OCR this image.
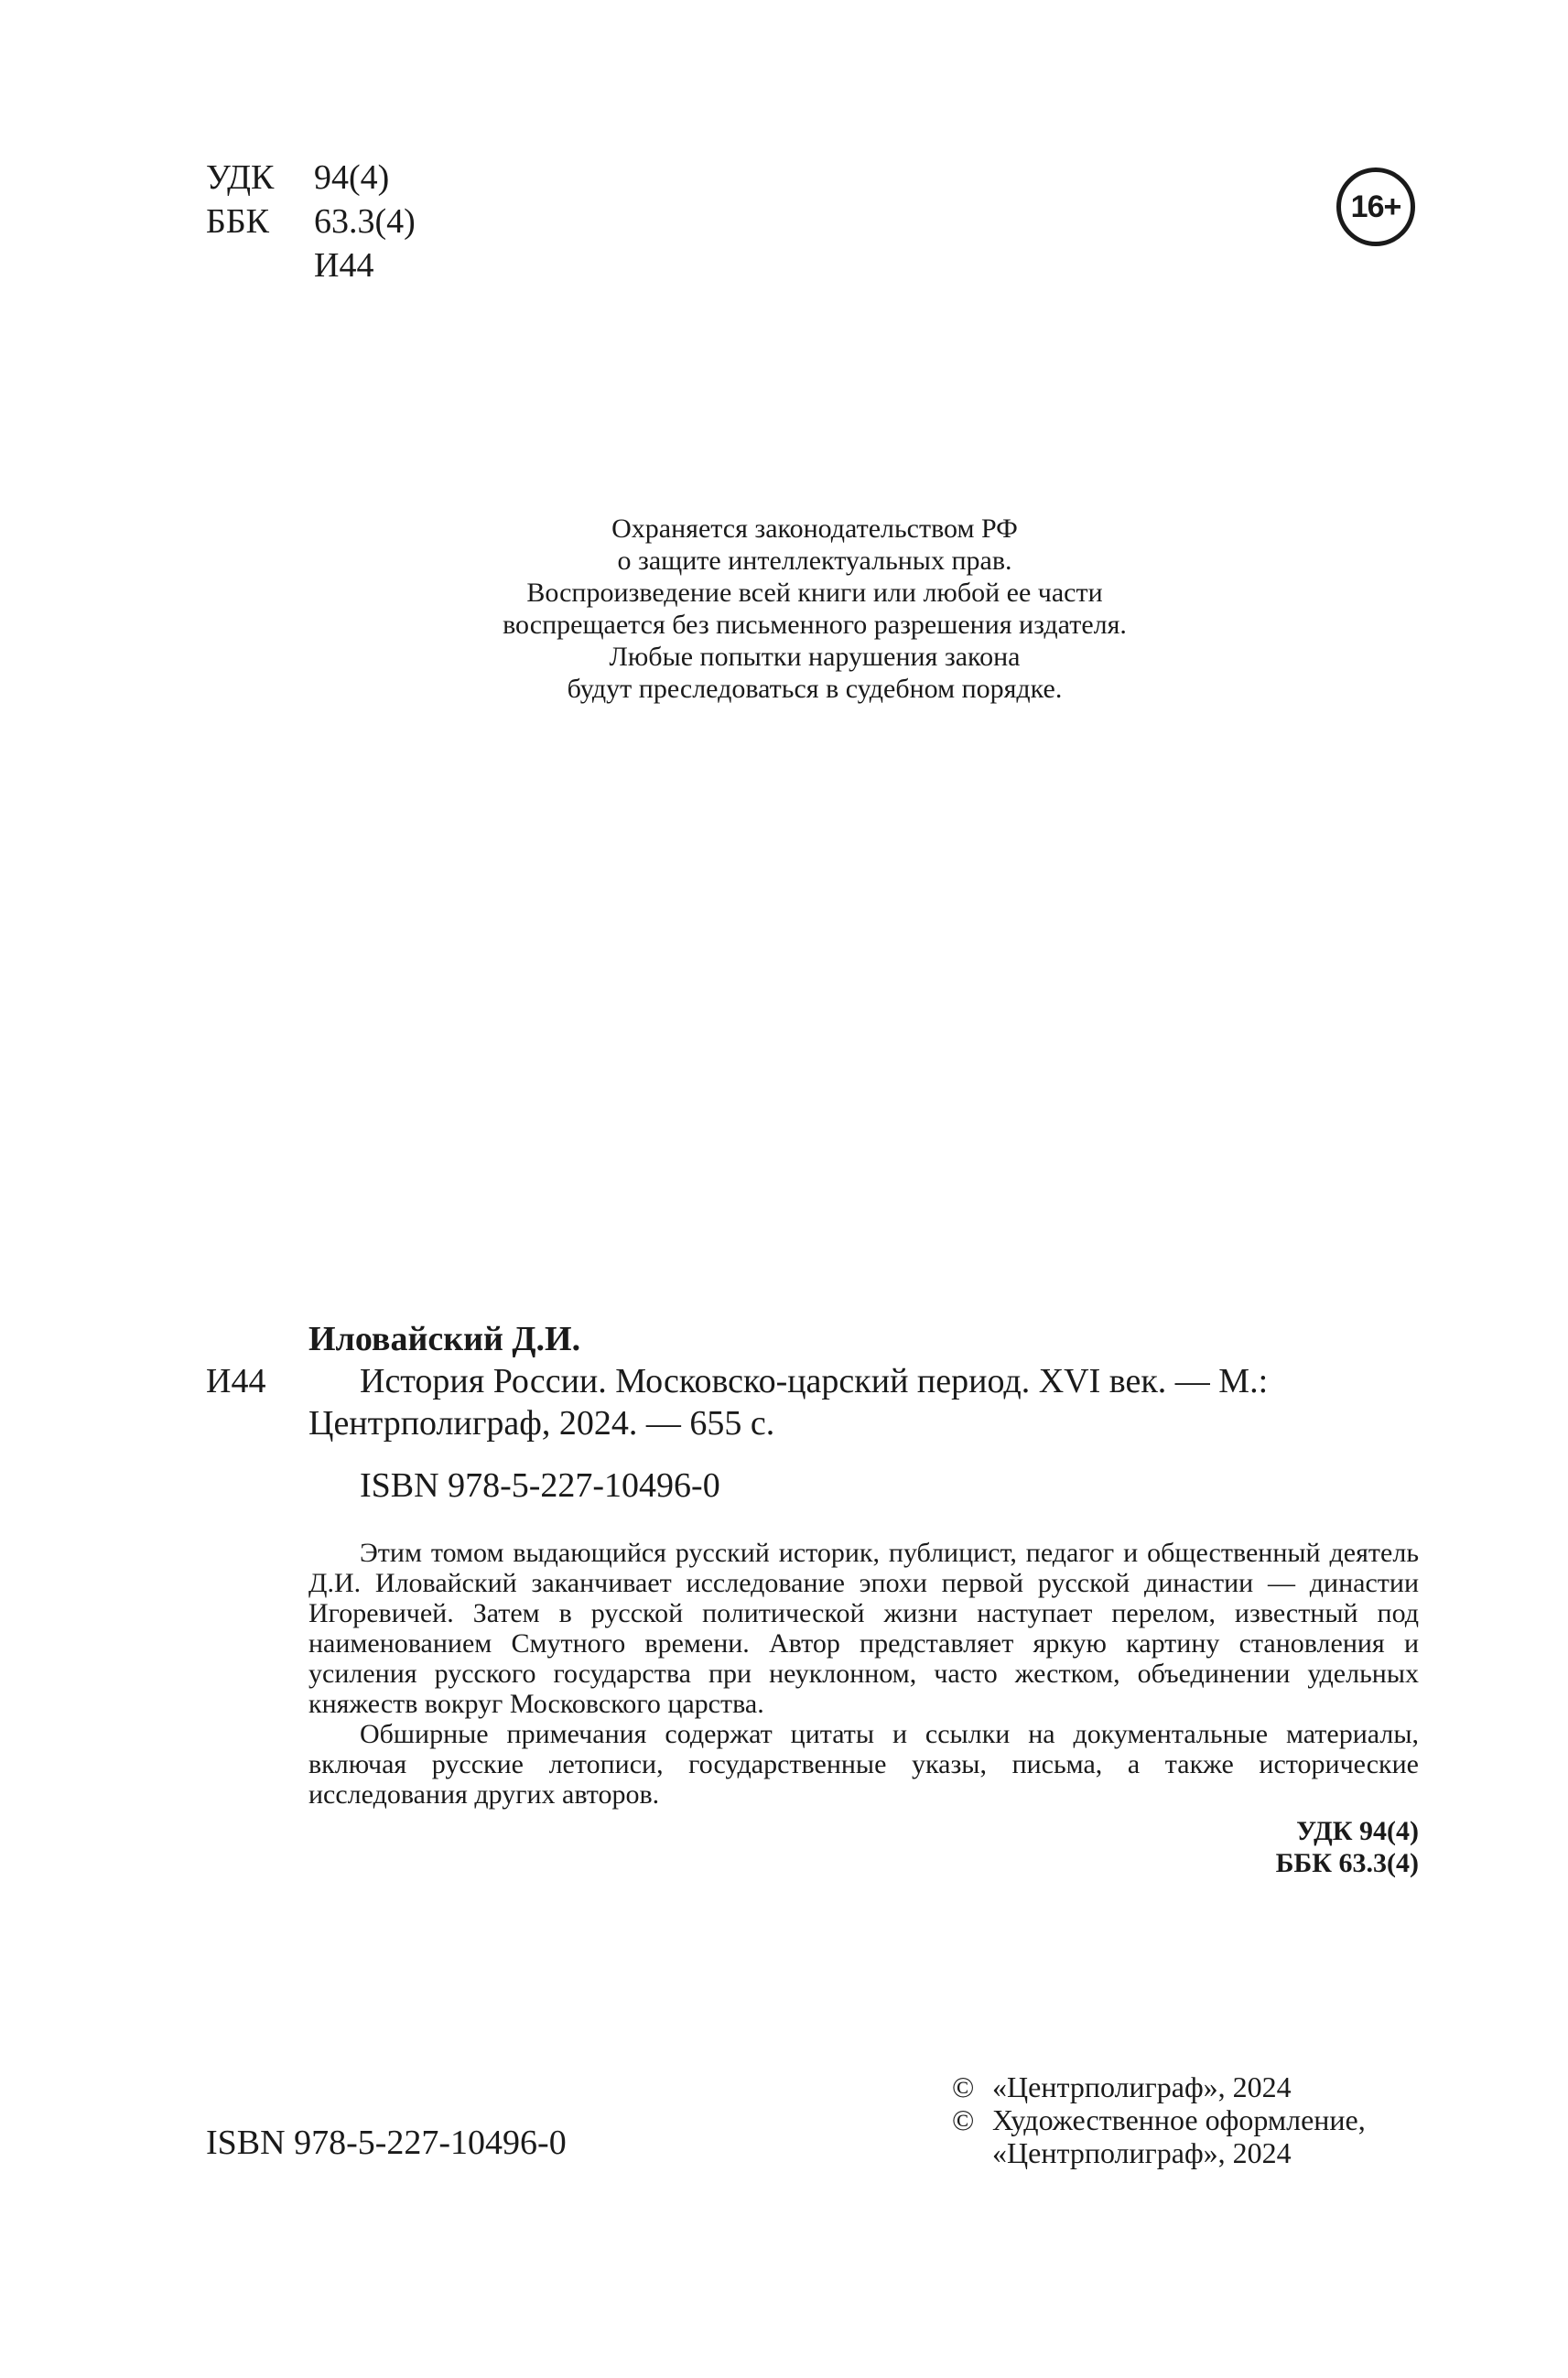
УДК	94(4)
ББК	63.3(4)
И44
16+
Охраняется законодательством РФ
о защите интеллектуальных прав.
Воспроизведение всей книги или любой ее части
воспрещается без письменного разрешения издателя.
Любые попытки нарушения закона
будут преследоваться в судебном порядке.
Иловайский Д.И.
И44	История России. Московско-царский период. XVI век. — М.:
Центрполиграф, 2024. — 655 с.
ISBN 978-5-227-10496-0

Этим томом выдающийся русский историк, публицист, педагог и общественный деятель Д.И. Иловайский заканчивает исследование эпохи первой русской династии — династии Игоревичей. Затем в русской политической жизни наступает перелом, известный под наименованием Смутного времени. Автор представляет яркую картину становления и усиления русского государства при неуклонном, часто жестком, объединении удельных княжеств вокруг Московского царства.

Обширные примечания содержат цитаты и ссылки на документальные материалы, включая русские летописи, государственные указы, письма, а также исторические исследования других авторов.

УДК 94(4)
ББК 63.3(4)
© «Центрполиграф», 2024
© Художественное оформление,
«Центрполиграф», 2024
ISBN 978-5-227-10496-0
